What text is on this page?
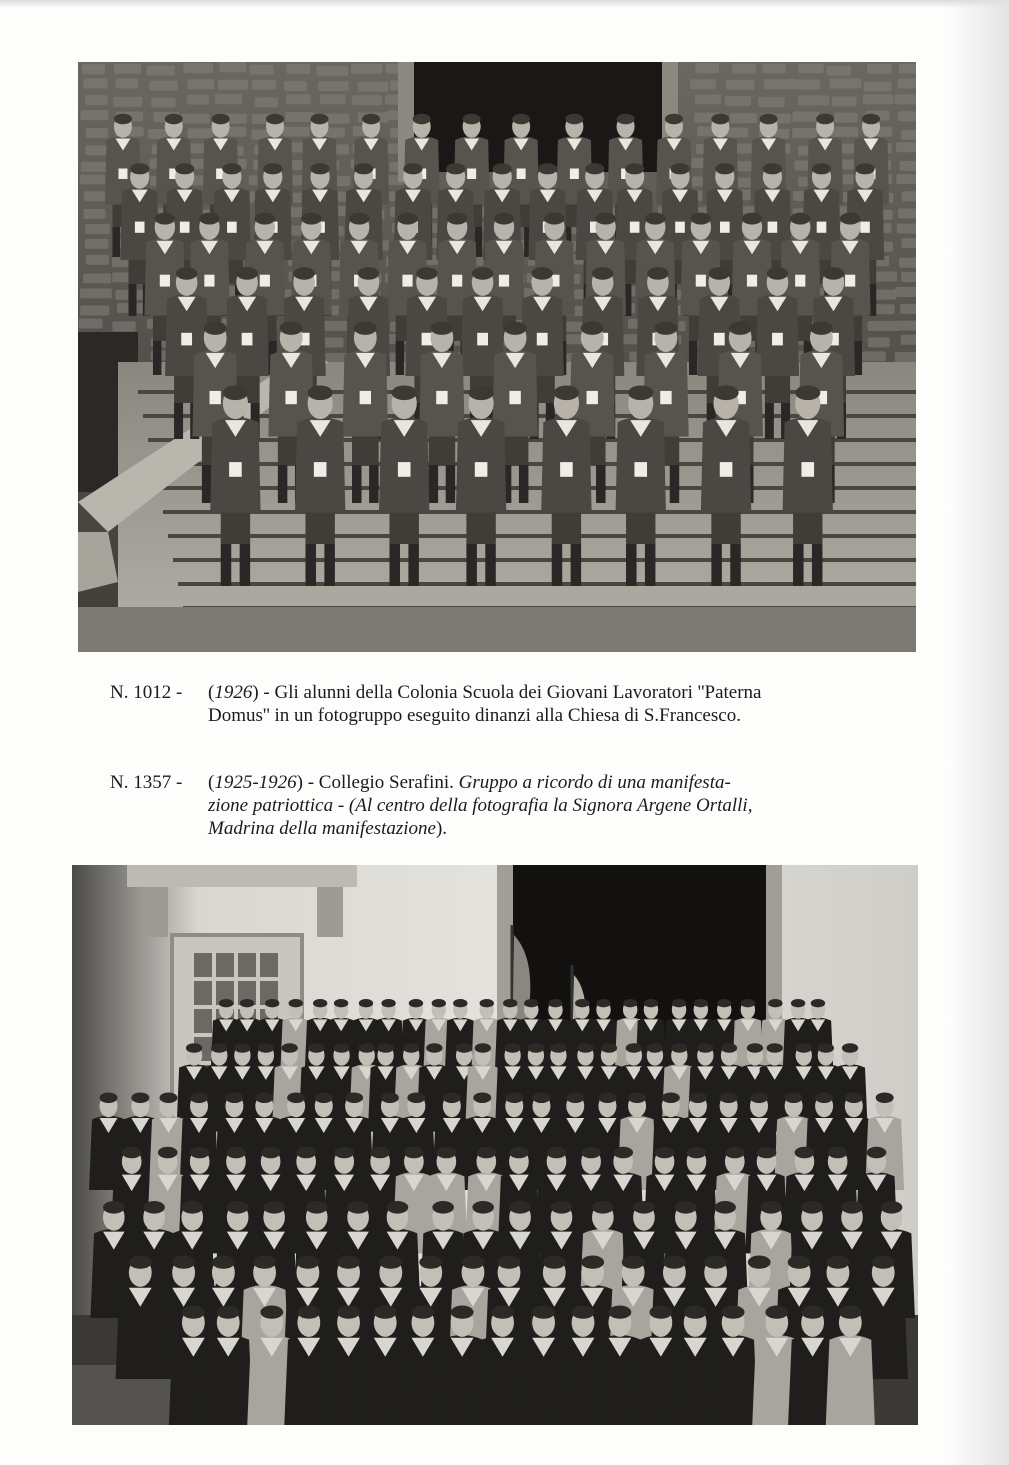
N. 1012 - (1926) - Gli alunni della Colonia Scuola dei Giovani Lavoratori ''Paterna
Domus'' in un fotogruppo eseguito dinanzi alla Chiesa di S.Francesco.
N. 1357 - (1925-1926) - Collegio Serafini. Gruppo a ricordo di una manifesta-
zione patriottica - (Al centro della fotografia la Signora Argene Ortalli,
Madrina della manifestazione).
